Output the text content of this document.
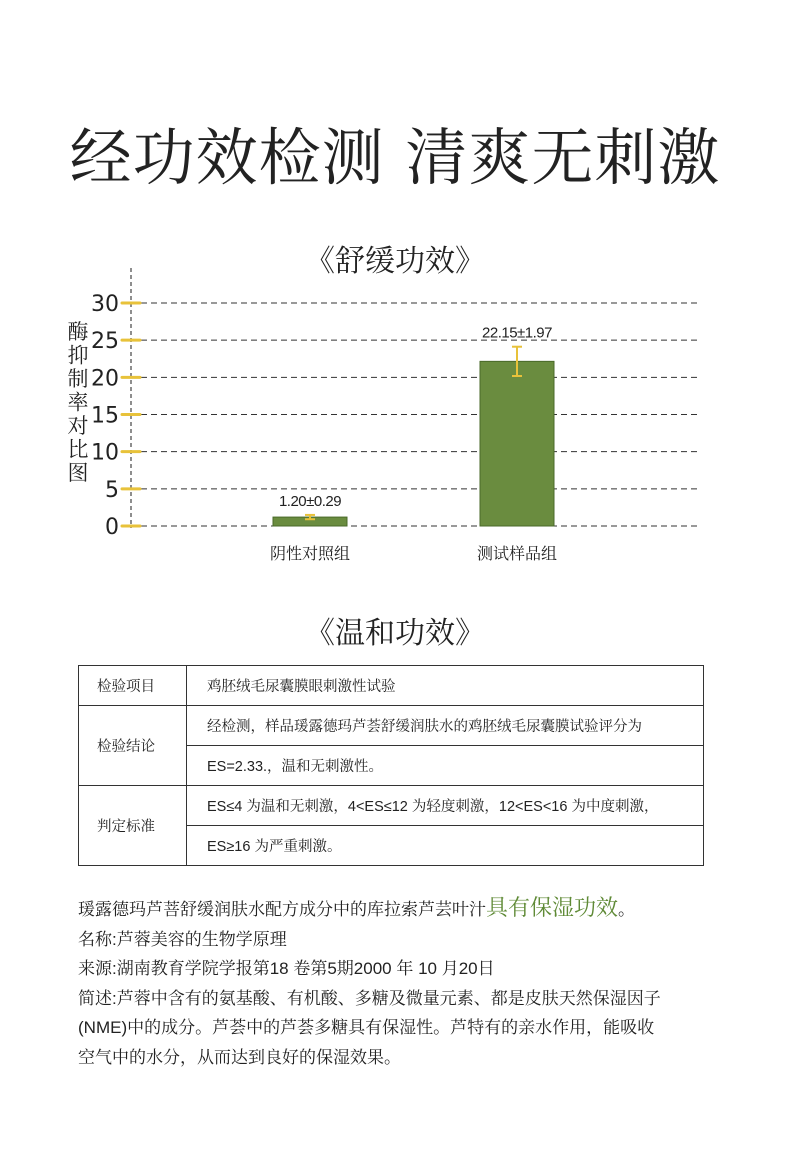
经功效检测 清爽无刺激
《舒缓功效》
0
5
10
15
20
25
30
1.20±0.29
阴性对照组
22.15±1.97
测试样品组
酶
抑
制
率
对
比
图
《温和功效》
检验项目	鸡胚绒毛尿囊膜眼刺激性试验
检验结论	经检测，样品瑗露德玛芦荟舒缓润肤水的鸡胚绒毛尿囊膜试验评分为
	ES=2.33.，温和无刺激性。
判定标准	ES≤4 为温和无刺激，4<ES≤12 为轻度刺激，12<ES<16 为中度刺激，
	ES≥16 为严重刺激。

瑗露德玛芦菩舒缓润肤水配方成分中的库拉索芦芸叶汁具有保湿功效。

名称:芦蓉美容的生物学原理

来源:湖南教育学院学报第18 卷第5期2000 年 10 月20日

简述:芦蓉中含有的氨基酸、有机酸、多糖及微量元素、都是皮肤天然保湿因子

(NME)中的成分。芦荟中的芦荟多糖具有保湿性。芦特有的亲水作用，能吸收

空气中的水分，从而达到良好的保湿效果。
